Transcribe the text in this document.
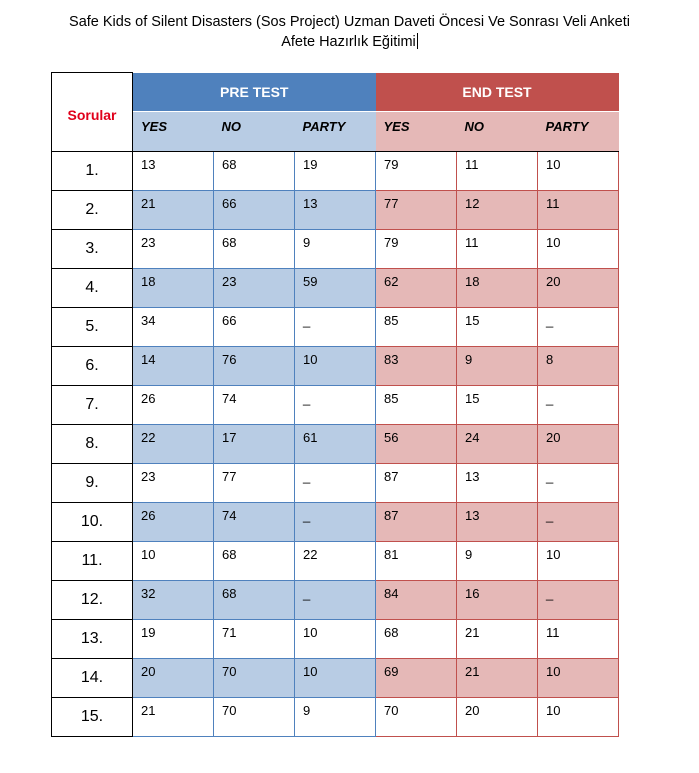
Safe Kids of Silent Disasters (Sos Project) Uzman Daveti Öncesi Ve Sonrası Veli Anketi
Afete Hazırlık Eğitimi
Sorular	PRE TEST			END TEST		
	YES	NO	PARTY	YES	NO	PARTY
1.	13	68	19	79	11	10
2.	21	66	13	77	12	11
3.	23	68	9	79	11	10
4.	18	23	59	62	18	20
5.	34	66	_	85	15	_
6.	14	76	10	83	9	8
7.	26	74	_	85	15	_
8.	22	17	61	56	24	20
9.	23	77	_	87	13	_
10.	26	74	_	87	13	_
11.	10	68	22	81	9	10
12.	32	68	_	84	16	_
13.	19	71	10	68	21	11
14.	20	70	10	69	21	10
15.	21	70	9	70	20	10
